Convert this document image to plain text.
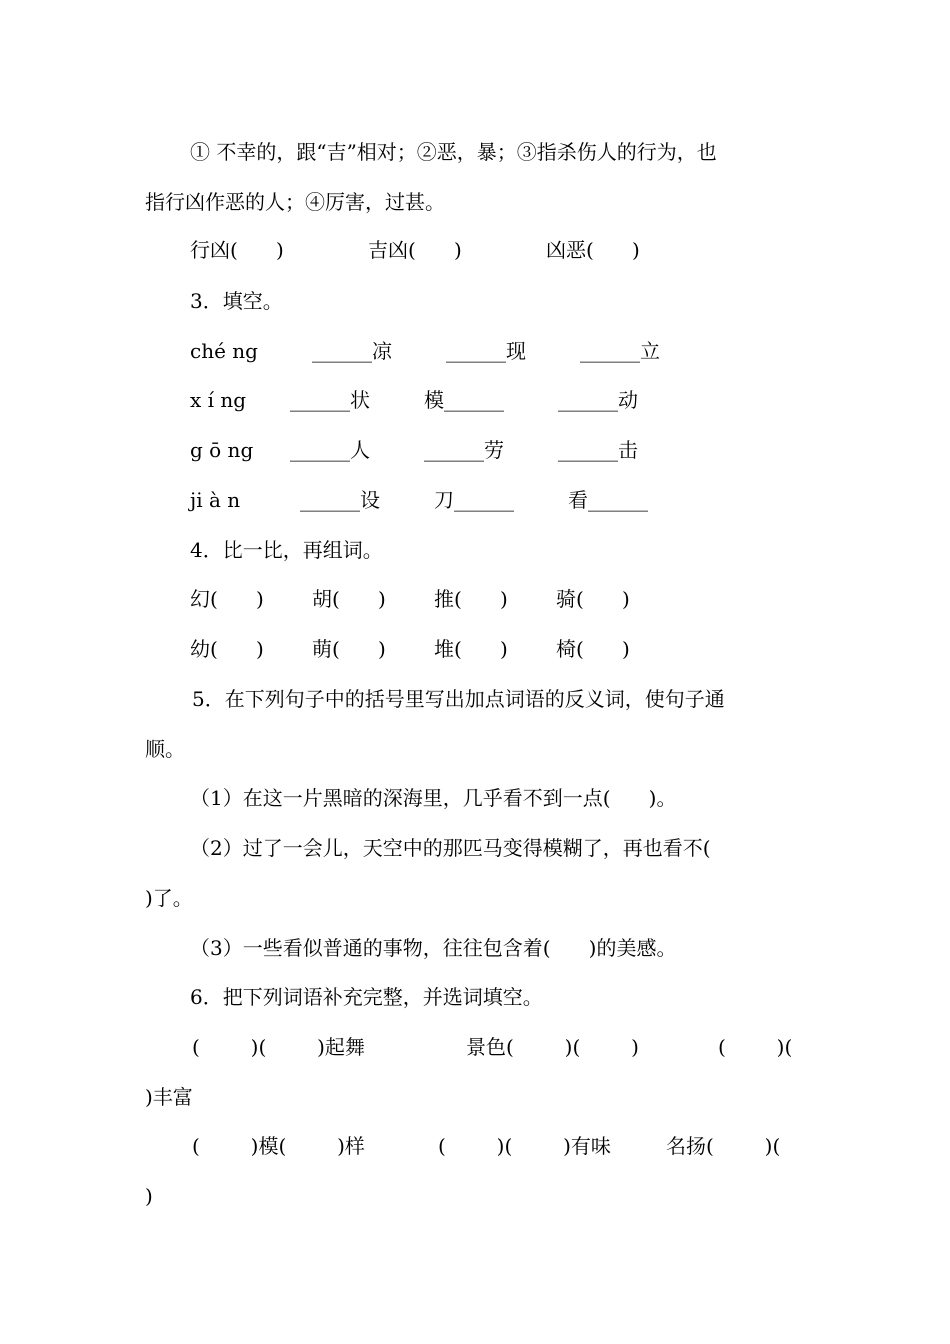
① 不幸的，跟“吉”相对；②恶，暴；③指杀伤人的行为，也
指行凶作恶的人；④厉害，过甚。
行凶(      )	吉凶(      )	凶恶(      )
3．填空。
ché ng	______凉	______现	______立
x í ng ______状	模______	______动
g ō ng ______人	______劳	______击
ji à n	______设	刀______	看______
4．比一比，再组词。
幻(      ) 胡(      ) 推(      ) 骑(      )
幼(      ) 萌(      ) 堆(      ) 椅(      )
5．在下列句子中的括号里写出加点词语的反义词，使句子通
顺。
（1）在这一片黑暗的深海里，几乎看不到一点(      )。
（2）过了一会儿，天空中的那匹马变得模糊了，再也看不(
)了。
（3）一些看似普通的事物，往往包含着(      )的美感。
6．把下列词语补充完整，并选词填空。
(        )(        )起舞	景色(        )(        )	(        )(
)丰富
(        )模(        )样	(        )(        )有味	名扬(        )(
)
